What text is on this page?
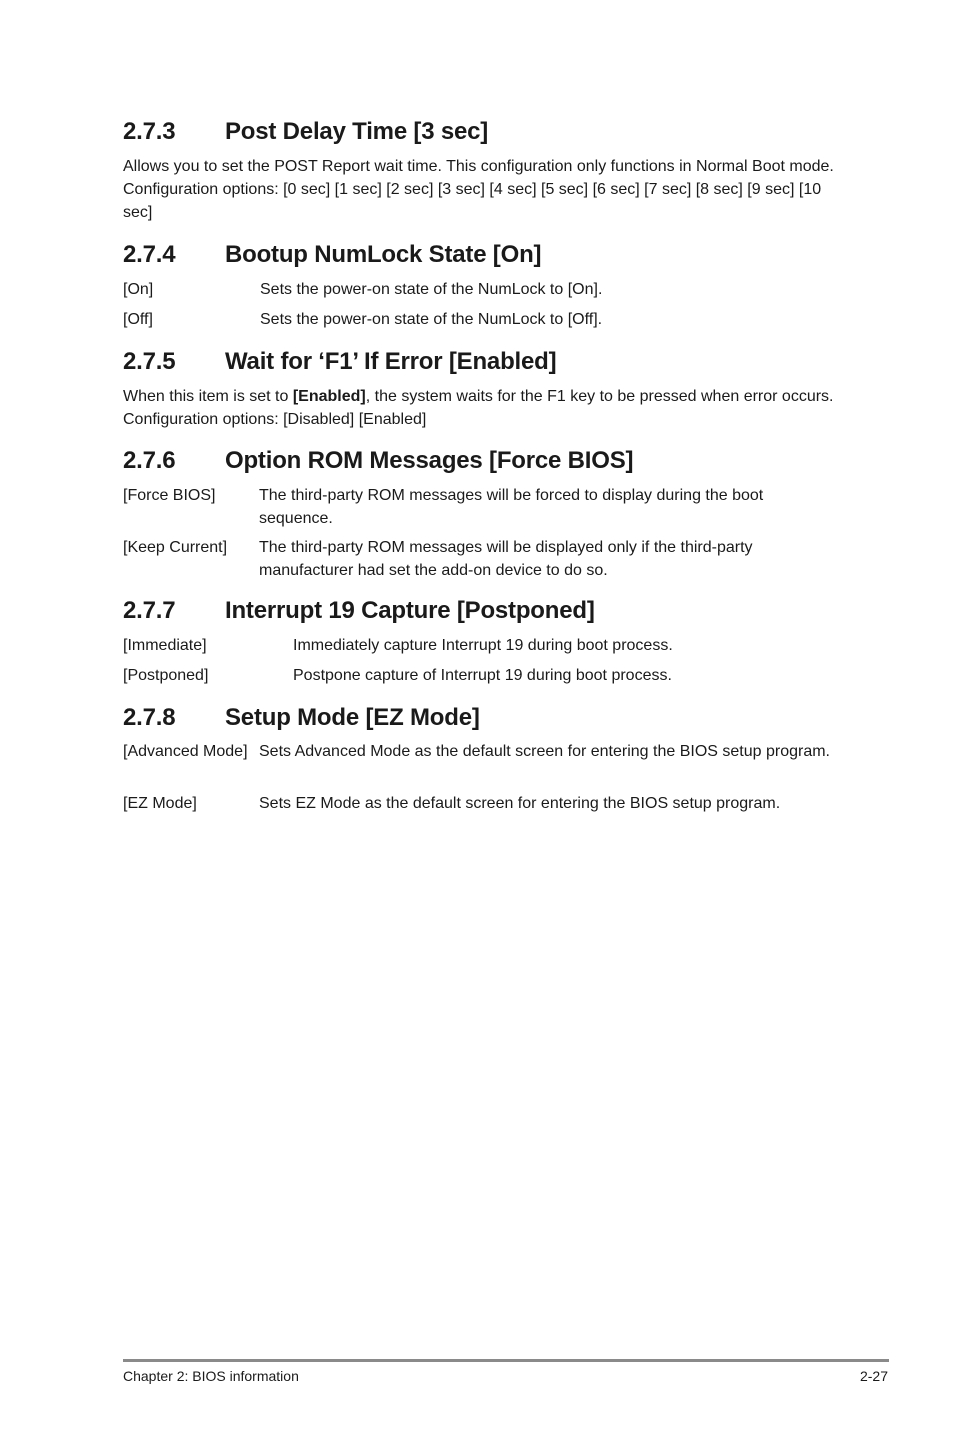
2.7.3 Post Delay Time [3 sec]
Allows you to set the POST Report wait time. This configuration only functions in Normal Boot mode. Configuration options: [0 sec] [1 sec] [2 sec] [3 sec] [4 sec] [5 sec] [6 sec] [7 sec] [8 sec] [9 sec] [10 sec]
2.7.4 Bootup NumLock State [On]
[On]	Sets the power-on state of the NumLock to [On].
[Off]	Sets the power-on state of the NumLock to [Off].
2.7.5 Wait for ‘F1’ If Error [Enabled]
When this item is set to [Enabled], the system waits for the F1 key to be pressed when error occurs. Configuration options: [Disabled] [Enabled]
2.7.6 Option ROM Messages [Force BIOS]
[Force BIOS]	The third-party ROM messages will be forced to display during the boot sequence.
[Keep Current] The third-party ROM messages will be displayed only if the third-party manufacturer had set the add-on device to do so.
2.7.7 Interrupt 19 Capture [Postponed]
[Immediate]	Immediately capture Interrupt 19 during boot process.
[Postponed]	Postpone capture of Interrupt 19 during boot process.
2.7.8 Setup Mode [EZ Mode]
[Advanced Mode] Sets Advanced Mode as the default screen for entering the BIOS setup program.
[EZ Mode]	Sets EZ Mode as the default screen for entering the BIOS setup program.
Chapter 2: BIOS information	2-27
